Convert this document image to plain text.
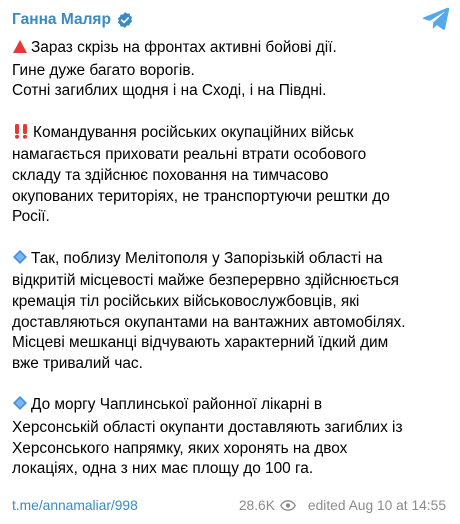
Ганна Маляр
Зараз скрізь на фронтах активні бойові дії.
Гине дуже багато ворогів.
Сотні загиблих щодня і на Сході, і на Півдні.
Командування російських окупаційних військ
намагається приховати реальні втрати особового
складу та здійснює поховання на тимчасово
окупованих територіях, не транспортуючи рештки до
Росії.
Так, поблизу Мелітополя у Запорізькій області на
відкритій місцевості майже безперервно здійснюється
кремація тіл російських військовослужбовців, які
доставляються окупантами на вантажних автомобілях.
Місцеві мешканці відчувають характерний їдкий дим
вже тривалий час.
До моргу Чаплинської районної лікарні в
Херсонській області окупанти доставляють загиблих із
Херсонського напрямку, яких хоронять на двох
локаціях, одна з них має площу до 100 га.
t.me/annamaliar/998	28.6K edited Aug 10 at 14:55
